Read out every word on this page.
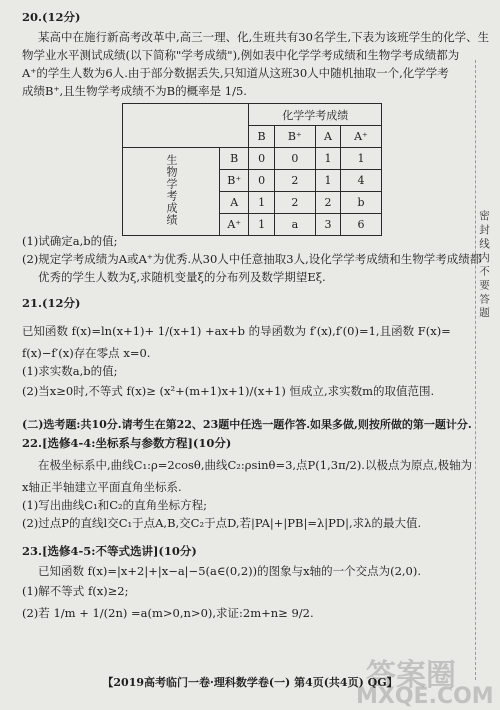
20.(12分)
某高中在施行新高考改革中,高三一理、化,生班共有30名学生,下表为该班学生的化学、生
物学业水平测试成绩(以下简称"学考成绩"),例如表中化学学考成绩和生物学考成绩都为
A⁺的学生人数为6人.由于部分数据丢失,只知道从这班30人中随机抽取一个,化学学考
成绩B⁺,且生物学考成绩不为B的概率是 1/5.
		化学学考成绩			
		B	B⁺	A	A⁺
生物学考成绩	B	0	0	1	1
	B⁺	0	2	1	4
	A	1	2	2	b
	A⁺	1	a	3	6
(1)试确定a,b的值;
(2)规定学考成绩为A或A⁺为优秀.从30人中任意抽取3人,设化学学考成绩和生物学考成绩都
优秀的学生人数为ξ,求随机变量ξ的分布列及数学期望Eξ.
21.(12分)
已知函数 f(x)=ln(x+1)+ 1/(x+1) +ax+b 的导函数为 f′(x),f′(0)=1,且函数 F(x)=
f(x)−f′(x)存在零点 x=0.
(1)求实数a,b的值;
(2)当x≥0时,不等式 f(x)≥ (x²+(m+1)x+1)/(x+1) 恒成立,求实数m的取值范围.
(二)选考题:共10分.请考生在第22、23题中任选一题作答.如果多做,则按所做的第一题计分.
22.[选修4-4:坐标系与参数方程](10分)
在极坐标系中,曲线C₁:ρ=2cosθ,曲线C₂:ρsinθ=3,点P(1,3π/2).以极点为原点,极轴为
x轴正半轴建立平面直角坐标系.
(1)写出曲线C₁和C₂的直角坐标方程;
(2)过点P的直线l交C₁于点A,B,交C₂于点D,若|PA|+|PB|=λ|PD|,求λ的最大值.
23.[选修4-5:不等式选讲](10分)
已知函数 f(x)=|x+2|+|x−a|−5(a∈(0,2))的图象与x轴的一个交点为(2,0).
(1)解不等式 f(x)≥2;
(2)若 1/m + 1/(2n) =a(m>0,n>0),求证:2m+n≥ 9/2.
密 封 线 内 不 要 答 题
答案圈
MXQE.COM
【2019高考临门一卷·理科数学卷(一) 第4页(共4页) QG】
